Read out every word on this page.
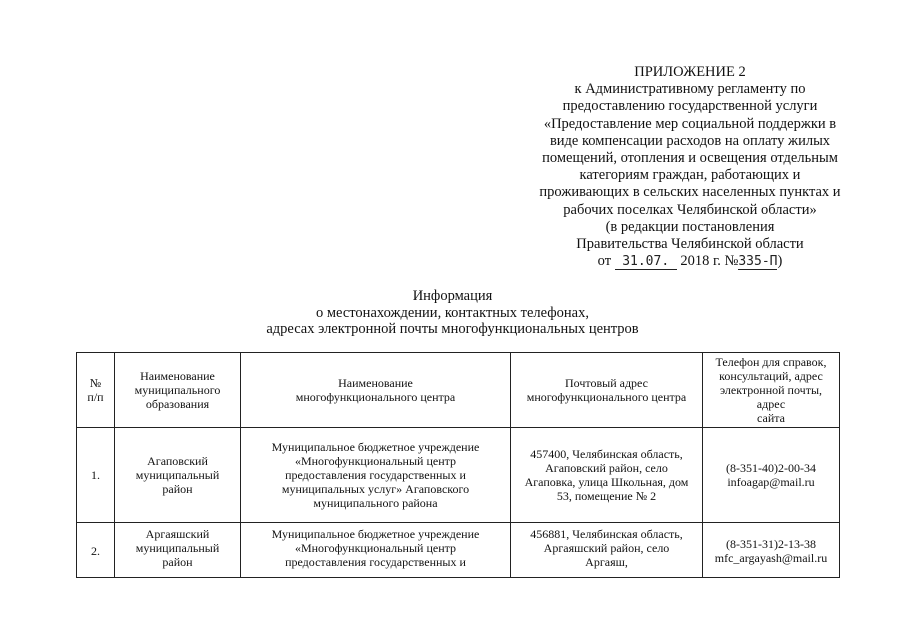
ПРИЛОЖЕНИЕ 2
к Административному регламенту по
предоставлению государственной услуги
«Предоставление мер социальной поддержки в
виде компенсации расходов на оплату жилых
помещений, отопления и освещения отдельным
категориям граждан, работающих и
проживающих в сельских населенных пунктах и
рабочих поселках Челябинской области»
(в редакции постановления
Правительства Челябинской области
от 31.07. 2018 г. №335-П)
Информация
о местонахождении, контактных телефонах,
адресах электронной почты многофункциональных центров
№
п/п	Наименование
муниципального
образования	Наименование
многофункционального центра	Почтовый адрес
многофункционального центра	Телефон для справок,
консультаций, адрес
электронной почты, адрес
сайта
1.	Агаповский
муниципальный
район	Муниципальное бюджетное учреждение
«Многофункциональный центр
предоставления государственных и
муниципальных услуг» Агаповского
муниципального района	457400, Челябинская область,
Агаповский район, село
Агаповка, улица Школьная, дом
53, помещение № 2	(8-351-40)2-00-34
infoagap@mail.ru
2.	Аргаяшский
муниципальный
район	Муниципальное бюджетное учреждение
«Многофункциональный центр
предоставления государственных и	456881, Челябинская область,
Аргаяшский район, село
Аргаяш,	(8-351-31)2-13-38
mfc_argayash@mail.ru
